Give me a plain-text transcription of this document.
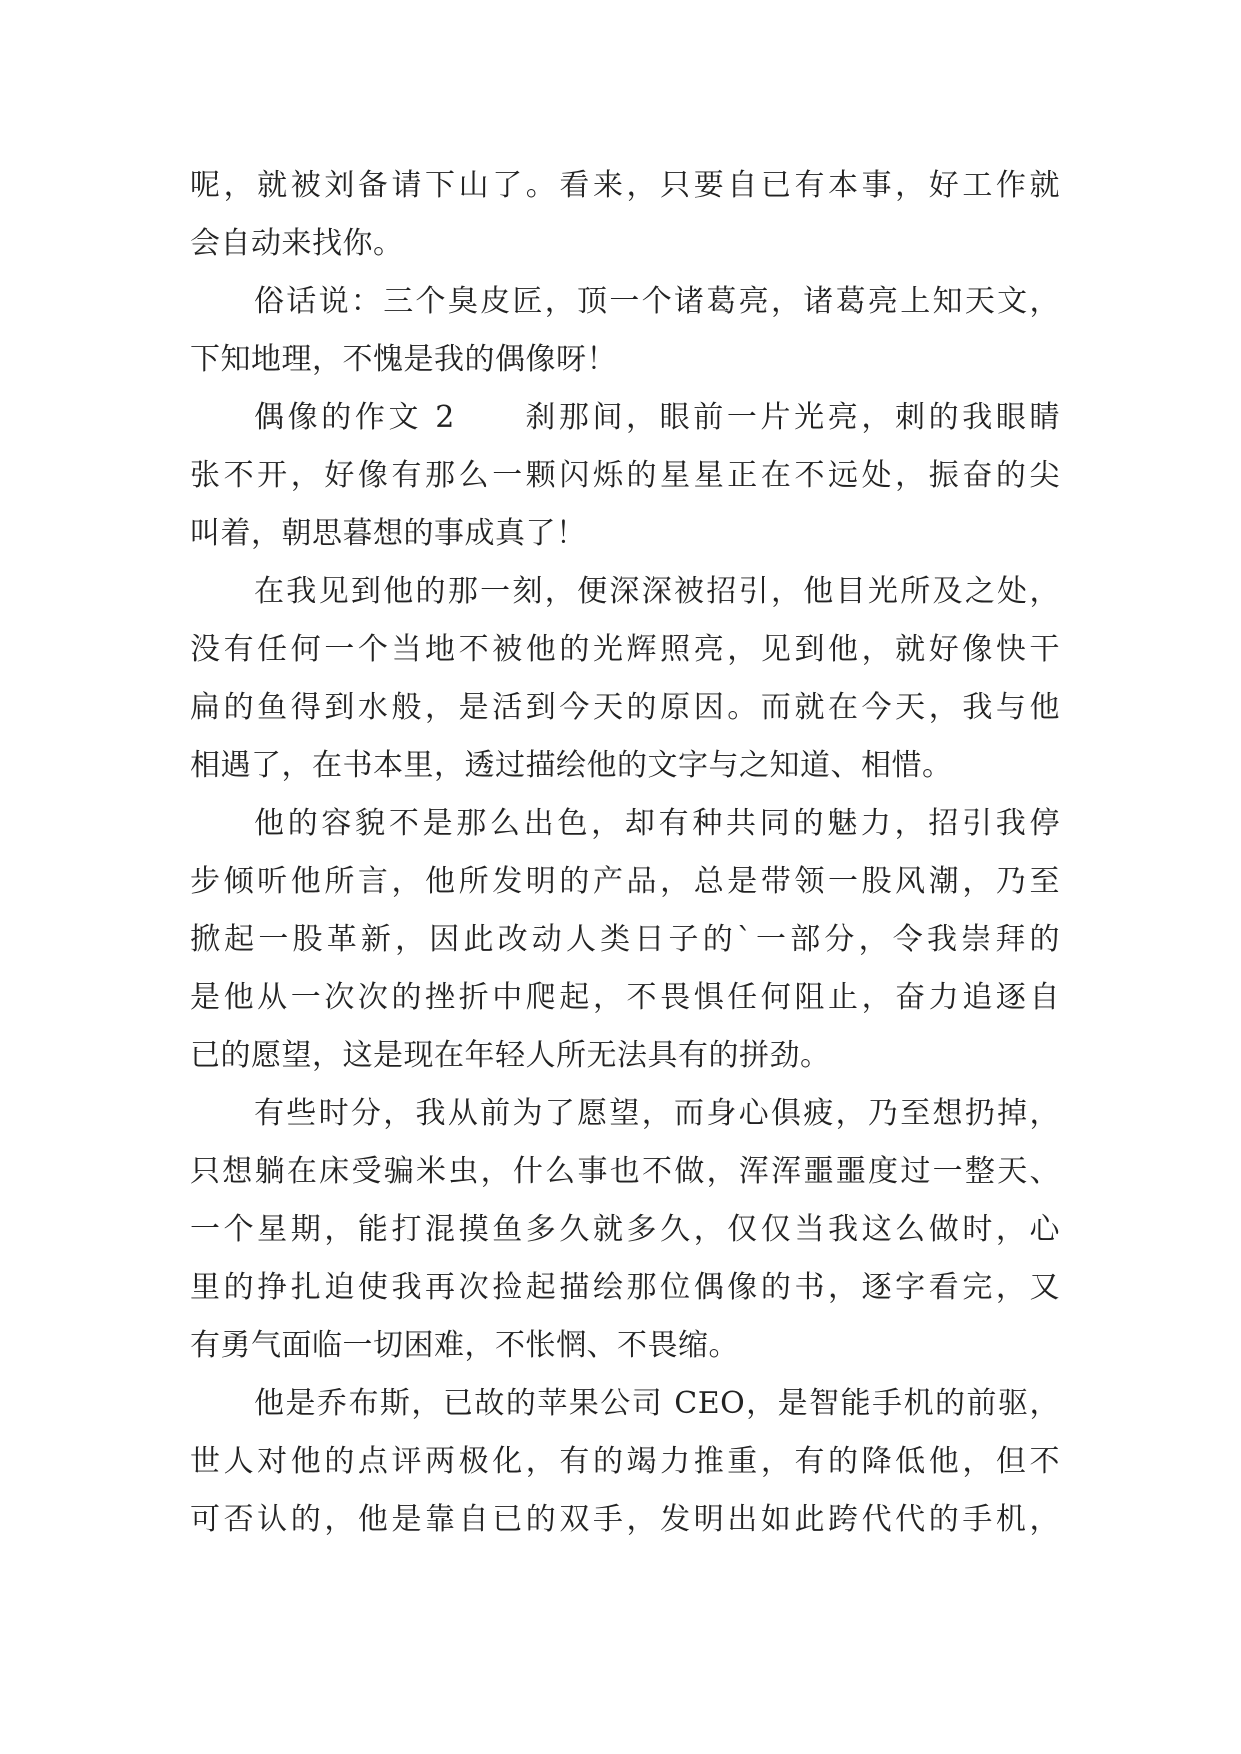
呢，就被刘备请下山了。看来，只要自已有本事，好工作就
会自动来找你。
俗话说：三个臭皮匠，顶一个诸葛亮，诸葛亮上知天文，
下知地理，不愧是我的偶像呀！
偶像的作文 2　　刹那间，眼前一片光亮，刺的我眼睛
张不开，好像有那么一颗闪烁的星星正在不远处，振奋的尖
叫着，朝思暮想的事成真了！
在我见到他的那一刻，便深深被招引，他目光所及之处，
没有任何一个当地不被他的光辉照亮，见到他，就好像快干
扁的鱼得到水般，是活到今天的原因。而就在今天，我与他
相遇了，在书本里，透过描绘他的文字与之知道、相惜。
他的容貌不是那么出色，却有种共同的魅力，招引我停
步倾听他所言，他所发明的产品，总是带领一股风潮，乃至
掀起一股革新，因此改动人类日子的`一部分，令我崇拜的
是他从一次次的挫折中爬起，不畏惧任何阻止，奋力追逐自
已的愿望，这是现在年轻人所无法具有的拼劲。
有些时分，我从前为了愿望，而身心俱疲，乃至想扔掉，
只想躺在床受骗米虫，什么事也不做，浑浑噩噩度过一整天、
一个星期，能打混摸鱼多久就多久，仅仅当我这么做时，心
里的挣扎迫使我再次捡起描绘那位偶像的书，逐字看完，又
有勇气面临一切困难，不怅惘、不畏缩。
他是乔布斯，已故的苹果公司 CEO，是智能手机的前驱，
世人对他的点评两极化，有的竭力推重，有的降低他，但不
可否认的，他是靠自已的双手，发明出如此跨代代的手机，
